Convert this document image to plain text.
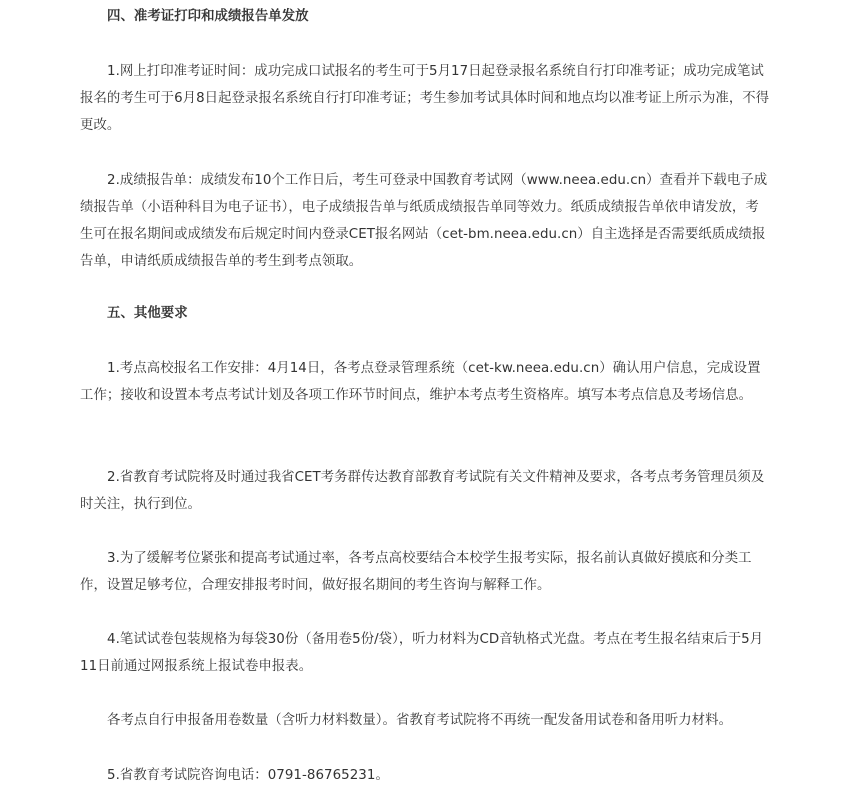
四、准考证打印和成绩报告单发放

1.网上打印准考证时间：成功完成口试报名的考生可于5月17日起登录报名系统自行打印准考证；成功完成笔试报名的考生可于6月8日起登录报名系统自行打印准考证；考生参加考试具体时间和地点均以准考证上所示为准，不得更改。

2.成绩报告单：成绩发布10个工作日后，考生可登录中国教育考试网（www.neea.edu.cn）查看并下载电子成绩报告单（小语种科目为电子证书），电子成绩报告单与纸质成绩报告单同等效力。纸质成绩报告单依申请发放，考生可在报名期间或成绩发布后规定时间内登录CET报名网站（cet-bm.neea.edu.cn）自主选择是否需要纸质成绩报告单，申请纸质成绩报告单的考生到考点领取。

五、其他要求

1.考点高校报名工作安排：4月14日，各考点登录管理系统（cet-kw.neea.edu.cn）确认用户信息，完成设置工作；接收和设置本考点考试计划及各项工作环节时间点，维护本考点考生资格库。填写本考点信息及考场信息。

2.省教育考试院将及时通过我省CET考务群传达教育部教育考试院有关文件精神及要求，各考点考务管理员须及时关注，执行到位。

3.为了缓解考位紧张和提高考试通过率，各考点高校要结合本校学生报考实际，报名前认真做好摸底和分类工作，设置足够考位，合理安排报考时间，做好报名期间的考生咨询与解释工作。

4.笔试试卷包装规格为每袋30份（备用卷5份/袋），听力材料为CD音轨格式光盘。考点在考生报名结束后于5月11日前通过网报系统上报试卷申报表。

各考点自行申报备用卷数量（含听力材料数量）。省教育考试院将不再统一配发备用试卷和备用听力材料。

5.省教育考试院咨询电话：0791-86765231。
